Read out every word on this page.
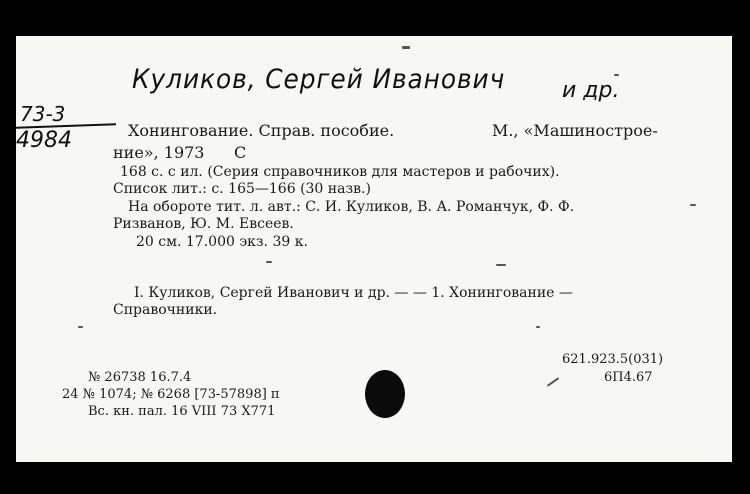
Куликов, Сергей Иванович	и др.
73-3
4984	Хонингование. Справ. пособие.	М., «Машинострое-
ние», 1973 С
168 с. с ил. (Серия справочников для мастеров и рабочих).
Список лит.: с. 165—166 (30 назв.)
На обороте тит. л. авт.: С. И. Куликов, В. А. Романчук, Ф. Ф.
Ризванов, Ю. М. Евсеев.
20 см. 17.000 экз. 39 к.
I. Куликов, Сергей Иванович и др. — — 1. Хонингование —
Справочники.
621.923.5(031)
6П4.67
№ 26738 16.7.4
24 № 1074; № 6268 [73-57898] п
Вс. кн. пал. 16 VIII 73 Х771
